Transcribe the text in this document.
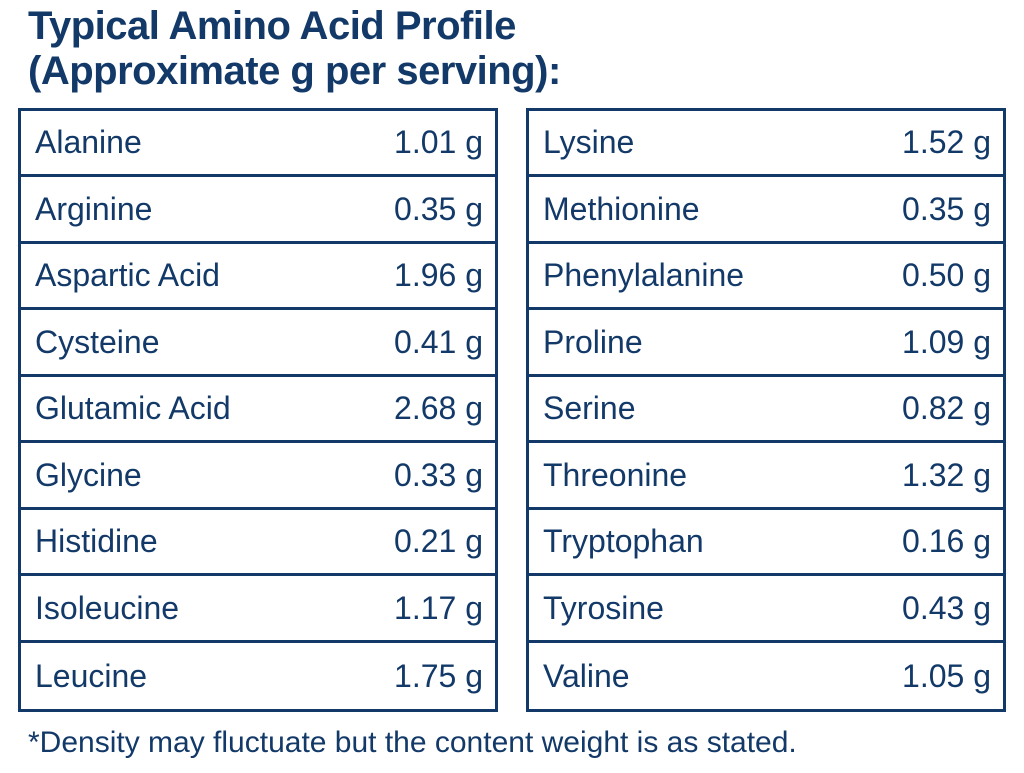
Typical Amino Acid Profile
(Approximate g per serving):
Alanine	1.01 g
Arginine	0.35 g
Aspartic Acid	1.96 g
Cysteine	0.41 g
Glutamic Acid	2.68 g
Glycine	0.33 g
Histidine	0.21 g
Isoleucine	1.17 g
Leucine	1.75 g
Lysine	1.52 g
Methionine	0.35 g
Phenylalanine	0.50 g
Proline	1.09 g
Serine	0.82 g
Threonine	1.32 g
Tryptophan	0.16 g
Tyrosine	0.43 g
Valine	1.05 g
*Density may fluctuate but the content weight is as stated.
